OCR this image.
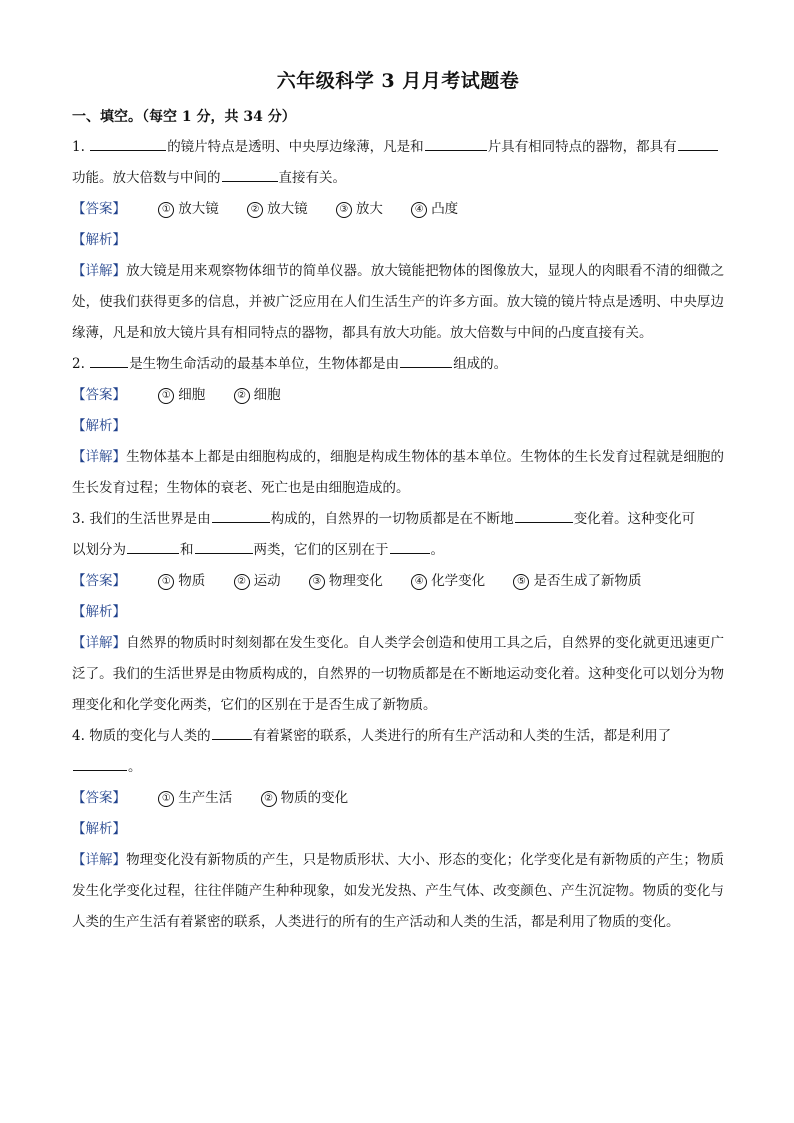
六年级科学 3 月月考试题卷
一、填空。（每空 1 分，共 34 分）
1.	的镜片特点是透明、中央厚边缘薄，凡是和	片具有相同特点的器物，都具有
功能。放大倍数与中间的	直接有关。
【答案】	① 放大镜	② 放大镜	③ 放大	④ 凸度
【解析】
【详解】放大镜是用来观察物体细节的简单仪器。放大镜能把物体的图像放大，显现人的肉眼看不清的细微之处，使我们获得更多的信息，并被广泛应用在人们生活生产的许多方面。放大镜的镜片特点是透明、中央厚边缘薄，凡是和放大镜片具有相同特点的器物，都具有放大功能。放大倍数与中间的凸度直接有关。
2.	是生物生命活动的最基本单位，生物体都是由	组成的。
【答案】	① 细胞	② 细胞
【解析】
【详解】生物体基本上都是由细胞构成的，细胞是构成生物体的基本单位。生物体的生长发育过程就是细胞的生长发育过程；生物体的衰老、死亡也是由细胞造成的。
3. 我们的生活世界是由	构成的，自然界的一切物质都是在不断地	变化着。这种变化可
以划分为	和	两类，它们的区别在于	。
【答案】	① 物质	② 运动	③ 物理变化	④ 化学变化	⑤ 是否生成了新物质
【解析】
【详解】自然界的物质时时刻刻都在发生变化。自人类学会创造和使用工具之后，自然界的变化就更迅速更广泛了。我们的生活世界是由物质构成的，自然界的一切物质都是在不断地运动变化着。这种变化可以划分为物理变化和化学变化两类，它们的区别在于是否生成了新物质。
4. 物质的变化与人类的	有着紧密的联系，人类进行的所有生产活动和人类的生活，都是利用了
。
【答案】	① 生产生活	② 物质的变化
【解析】
【详解】物理变化没有新物质的产生，只是物质形状、大小、形态的变化；化学变化是有新物质的产生；物质发生化学变化过程，往往伴随产生种种现象，如发光发热、产生气体、改变颜色、产生沉淀物。物质的变化与人类的生产生活有着紧密的联系，人类进行的所有的生产活动和人类的生活，都是利用了物质的变化。
